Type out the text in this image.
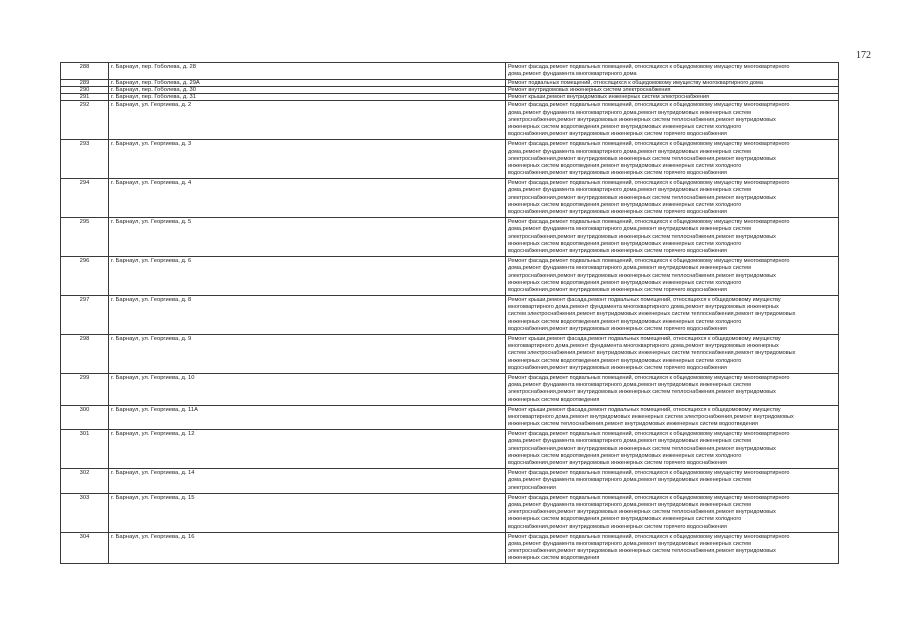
172
288	г. Барнаул, пер. Гоболева, д. 28	Ремонт фасада,ремонт подвальных помещений, относящихся к общедомовому имуществу многоквартирного
дома,ремонт фундамента многоквартирного дома

289	г. Барнаул, пер. Гоболева, д. 29А	Ремонт подвальных помещений, относящихся к общедомовому имуществу многоквартирного дома

290	г. Барнаул, пер. Гоболева, д. 30	Ремонт внутридомовых инженерных систем электроснабжения

291	г. Барнаул, пер. Гоболева, д. 31	Ремонт крыши,ремонт внутридомовых инженерных систем электроснабжения

292	г. Барнаул, ул. Георгиева, д. 2	Ремонт фасада,ремонт подвальных помещений, относящихся к общедомовому имуществу многоквартирного
дома,ремонт фундамента многоквартирного дома,ремонт внутридомовых инженерных систем
электроснабжения,ремонт внутридомовых инженерных систем теплоснабжения,ремонт внутридомовых
инженерных систем водоотведения,ремонт внутридомовых инженерных систем холодного
водоснабжения,ремонт внутридомовых инженерных систем горячего водоснабжения

293	г. Барнаул, ул. Георгиева, д. 3	Ремонт фасада,ремонт подвальных помещений, относящихся к общедомовому имуществу многоквартирного
дома,ремонт фундамента многоквартирного дома,ремонт внутридомовых инженерных систем
электроснабжения,ремонт внутридомовых инженерных систем теплоснабжения,ремонт внутридомовых
инженерных систем водоотведения,ремонт внутридомовых инженерных систем холодного
водоснабжения,ремонт внутридомовых инженерных систем горячего водоснабжения

294	г. Барнаул, ул. Георгиева, д. 4	Ремонт фасада,ремонт подвальных помещений, относящихся к общедомовому имуществу многоквартирного
дома,ремонт фундамента многоквартирного дома,ремонт внутридомовых инженерных систем
электроснабжения,ремонт внутридомовых инженерных систем теплоснабжения,ремонт внутридомовых
инженерных систем водоотведения,ремонт внутридомовых инженерных систем холодного
водоснабжения,ремонт внутридомовых инженерных систем горячего водоснабжения

295	г. Барнаул, ул. Георгиева, д. 5	Ремонт фасада,ремонт подвальных помещений, относящихся к общедомовому имуществу многоквартирного
дома,ремонт фундамента многоквартирного дома,ремонт внутридомовых инженерных систем
электроснабжения,ремонт внутридомовых инженерных систем теплоснабжения,ремонт внутридомовых
инженерных систем водоотведения,ремонт внутридомовых инженерных систем холодного
водоснабжения,ремонт внутридомовых инженерных систем горячего водоснабжения

296	г. Барнаул, ул. Георгиева, д. 6	Ремонт фасада,ремонт подвальных помещений, относящихся к общедомовому имуществу многоквартирного
дома,ремонт фундамента многоквартирного дома,ремонт внутридомовых инженерных систем
электроснабжения,ремонт внутридомовых инженерных систем теплоснабжения,ремонт внутридомовых
инженерных систем водоотведения,ремонт внутридомовых инженерных систем холодного
водоснабжения,ремонт внутридомовых инженерных систем горячего водоснабжения

297	г. Барнаул, ул. Георгиева, д. 8	Ремонт крыши,ремонт фасада,ремонт подвальных помещений, относящихся к общедомовому имуществу
многоквартирного дома,ремонт фундамента многоквартирного дома,ремонт внутридомовых инженерных
систем электроснабжения,ремонт внутридомовых инженерных систем теплоснабжения,ремонт внутридомовых
инженерных систем водоотведения,ремонт внутридомовых инженерных систем холодного
водоснабжения,ремонт внутридомовых инженерных систем горячего водоснабжения

298	г. Барнаул, ул. Георгиева, д. 9	Ремонт крыши,ремонт фасада,ремонт подвальных помещений, относящихся к общедомовому имуществу
многоквартирного дома,ремонт фундамента многоквартирного дома,ремонт внутридомовых инженерных
систем электроснабжения,ремонт внутридомовых инженерных систем теплоснабжения,ремонт внутридомовых
инженерных систем водоотведения,ремонт внутридомовых инженерных систем холодного
водоснабжения,ремонт внутридомовых инженерных систем горячего водоснабжения

299	г. Барнаул, ул. Георгиева, д. 10	Ремонт фасада,ремонт подвальных помещений, относящихся к общедомовому имуществу многоквартирного
дома,ремонт фундамента многоквартирного дома,ремонт внутридомовых инженерных систем
электроснабжения,ремонт внутридомовых инженерных систем теплоснабжения,ремонт внутридомовых
инженерных систем водоотведения

300	г. Барнаул, ул. Георгиева, д. 11А	Ремонт крыши,ремонт фасада,ремонт подвальных помещений, относящихся к общедомовому имуществу
многоквартирного дома,ремонт внутридомовых инженерных систем электроснабжения,ремонт внутридомовых
инженерных систем теплоснабжения,ремонт внутридомовых инженерных систем водоотведения

301	г. Барнаул, ул. Георгиева, д. 12	Ремонт фасада,ремонт подвальных помещений, относящихся к общедомовому имуществу многоквартирного
дома,ремонт фундамента многоквартирного дома,ремонт внутридомовых инженерных систем
электроснабжения,ремонт внутридомовых инженерных систем теплоснабжения,ремонт внутридомовых
инженерных систем водоотведения,ремонт внутридомовых инженерных систем холодного
водоснабжения,ремонт внутридомовых инженерных систем горячего водоснабжения

302	г. Барнаул, ул. Георгиева, д. 14	Ремонт фасада,ремонт подвальных помещений, относящихся к общедомовому имуществу многоквартирного
дома,ремонт фундамента многоквартирного дома,ремонт внутридомовых инженерных систем
электроснабжения

303	г. Барнаул, ул. Георгиева, д. 15	Ремонт фасада,ремонт подвальных помещений, относящихся к общедомовому имуществу многоквартирного
дома,ремонт фундамента многоквартирного дома,ремонт внутридомовых инженерных систем
электроснабжения,ремонт внутридомовых инженерных систем теплоснабжения,ремонт внутридомовых
инженерных систем водоотведения,ремонт внутридомовых инженерных систем холодного
водоснабжения,ремонт внутридомовых инженерных систем горячего водоснабжения

304	г. Барнаул, ул. Георгиева, д. 16	Ремонт фасада,ремонт подвальных помещений, относящихся к общедомовому имуществу многоквартирного
дома,ремонт фундамента многоквартирного дома,ремонт внутридомовых инженерных систем
электроснабжения,ремонт внутридомовых инженерных систем теплоснабжения,ремонт внутридомовых
инженерных систем водоотведения
